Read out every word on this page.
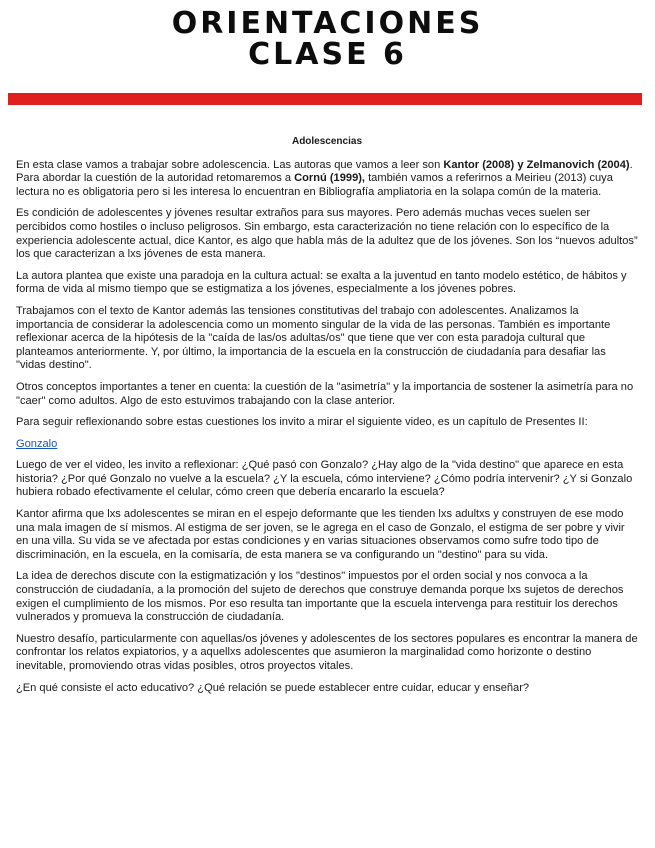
ORIENTACIONES
CLASE 6
Adolescencias

En esta clase vamos a trabajar sobre adolescencia. Las autoras que vamos a leer son Kantor (2008) y Zelmanovich (2004). Para abordar la cuestión de la autoridad retomaremos a Cornú (1999), también vamos a referirnos a Meirieu (2013) cuya lectura no es obligatoria pero si les interesa lo encuentran en Bibliografía ampliatoria en la solapa común de la materia.

Es condición de adolescentes y jóvenes resultar extraños para sus mayores. Pero además muchas veces suelen ser percibidos como hostiles o incluso peligrosos. Sin embargo, esta caracterización no tiene relación con lo específico de la experiencia adolescente actual, dice Kantor, es algo que habla más de la adultez que de los jóvenes. Son los “nuevos adultos” los que caracterizan a lxs jóvenes de esta manera.

La autora plantea que existe una paradoja en la cultura actual: se exalta a la juventud en tanto modelo estético, de hábitos y forma de vida al mismo tiempo que se estigmatiza a los jóvenes, especialmente a los jóvenes pobres.

Trabajamos con el texto de Kantor además las tensiones constitutivas del trabajo con adolescentes. Analizamos la importancia de considerar la adolescencia como un momento singular de la vida de las personas. También es importante reflexionar acerca de la hipótesis de la "caída de las/os adultas/os" que tiene que ver con esta paradoja cultural que planteamos anteriormente. Y, por último, la importancia de la escuela en la construcción de ciudadanía para desafiar las "vidas destino".

Otros conceptos importantes a tener en cuenta: la cuestión de la "asimetría" y la importancia de sostener la asimetría para no "caer" como adultos. Algo de esto estuvimos trabajando con la clase anterior.

Para seguir reflexionando sobre estas cuestiones los invito a mirar el siguiente video, es un capítulo de Presentes II:

Gonzalo

Luego de ver el video, les invito a reflexionar: ¿Qué pasó con Gonzalo? ¿Hay algo de la "vida destino" que aparece en esta historia? ¿Por qué Gonzalo no vuelve a la escuela? ¿Y la escuela, cómo interviene? ¿Cómo podría intervenir? ¿Y si Gonzalo hubiera robado efectivamente el celular, cómo creen que debería encararlo la escuela?

Kantor afirma que lxs adolescentes se miran en el espejo deformante que les tienden lxs adultxs y construyen de ese modo una mala imagen de sí mismos. Al estigma de ser joven, se le agrega en el caso de Gonzalo, el estigma de ser pobre y vivir en una villa. Su vida se ve afectada por estas condiciones y en varias situaciones observamos como sufre todo tipo de discriminación, en la escuela, en la comisaría, de esta manera se va configurando un "destino" para su vida.

La idea de derechos discute con la estigmatización y los "destinos" impuestos por el orden social y nos convoca a la construcción de ciudadanía, a la promoción del sujeto de derechos que construye demanda porque lxs sujetos de derechos exigen el cumplimiento de los mismos. Por eso resulta tan importante que la escuela intervenga para restituir los derechos vulnerados y promueva la construcción de ciudadanía.

Nuestro desafío, particularmente con aquellas/os jóvenes y adolescentes de los sectores populares es encontrar la manera de confrontar los relatos expiatorios, y a aquellxs adolescentes que asumieron la marginalidad como horizonte o destino inevitable, promoviendo otras vidas posibles, otros proyectos vitales.

¿En qué consiste el acto educativo? ¿Qué relación se puede establecer entre cuidar, educar y enseñar?
